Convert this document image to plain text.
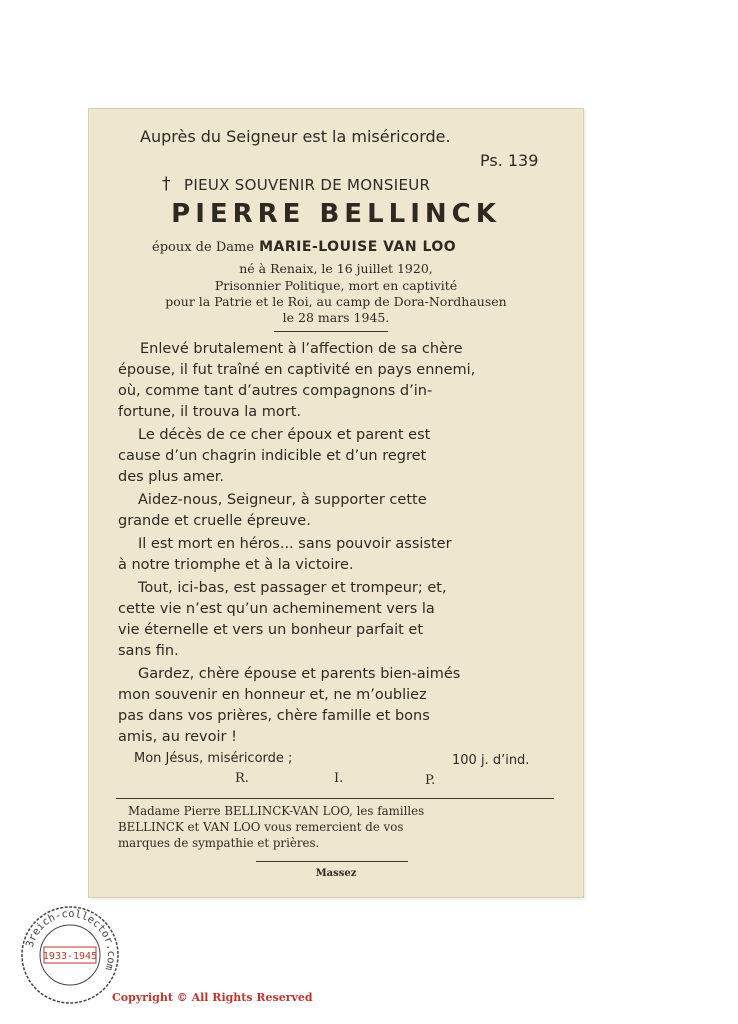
Auprès du Seigneur est la miséricorde.
Ps. 139
† PIEUX SOUVENIR DE MONSIEUR
PIERRE BELLINCK
époux de Dame MARIE-LOUISE VAN LOO
né à Renaix, le 16 juillet 1920,
Prisonnier Politique, mort en captivité
pour la Patrie et le Roi, au camp de Dora-Nordhausen
le 28 mars 1945.
Enlevé brutalement à l’affection de sa chère
épouse, il fut traîné en captivité en pays ennemi,
où, comme tant d’autres compagnons d’in-
fortune, il trouva la mort.
Le décès de ce cher époux et parent est
cause d’un chagrin indicible et d’un regret
des plus amer.
Aidez-nous, Seigneur, à supporter cette
grande et cruelle épreuve.
Il est mort en héros... sans pouvoir assister
à notre triomphe et à la victoire.
Tout, ici-bas, est passager et trompeur; et,
cette vie n’est qu’un acheminement vers la
vie éternelle et vers un bonheur parfait et
sans fin.
Gardez, chère épouse et parents bien-aimés
mon souvenir en honneur et, ne m’oubliez
pas dans vos prières, chère famille et bons
amis, au revoir !
Mon Jésus, miséricorde ;	100 j. d’ind.
R.	I.	P.
Madame Pierre BELLINCK-VAN LOO, les familles
BELLINCK et VAN LOO vous remercient de vos
marques de sympathie et prières.
Massez
3reich-collector.com
1933-1945
Copyright © All Rights Reserved
